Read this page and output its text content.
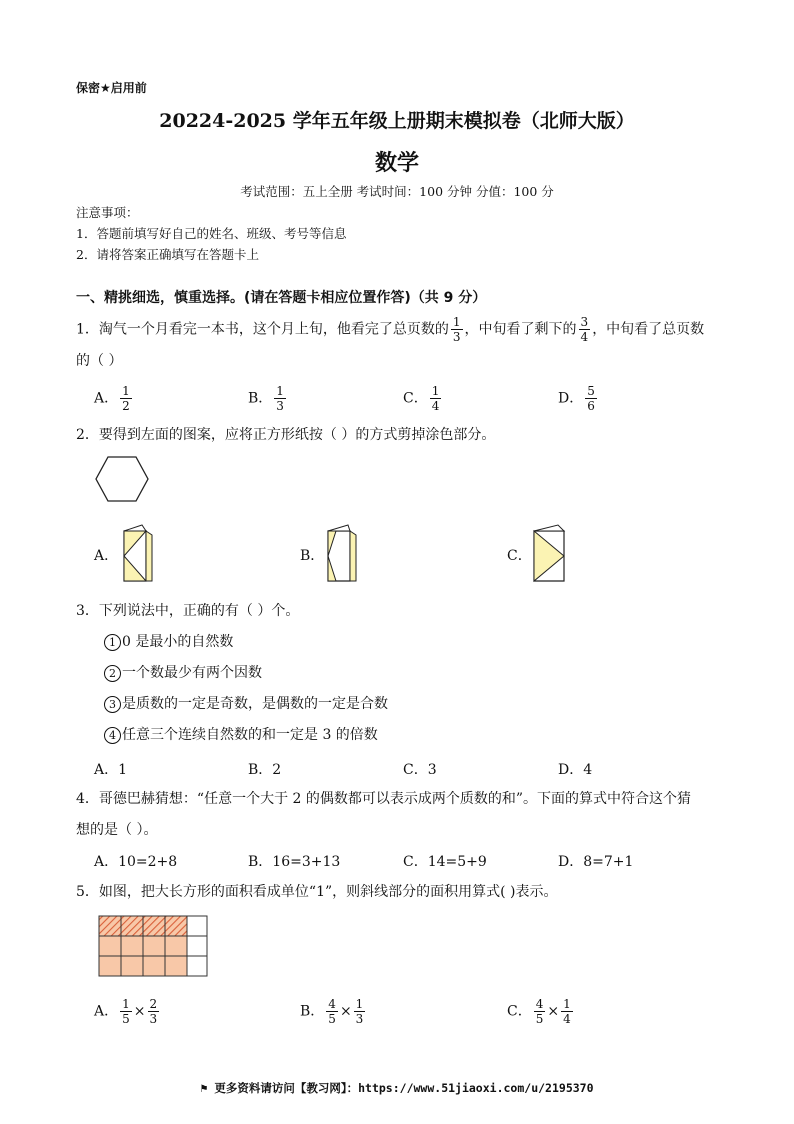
保密★启用前
20224-2025 学年五年级上册期末模拟卷（北师大版）
数学
考试范围：五上全册 考试时间：100 分钟 分值：100 分
注意事项：
1．答题前填写好自己的姓名、班级、考号等信息
2．请将答案正确填写在答题卡上
一、精挑细选，慎重选择。(请在答题卡相应位置作答)（共 9 分）
1．淘气一个月看完一本书，这个月上旬，他看完了总页数的 $\frac{1}{3}$ ，中旬看了剩下的 $\frac{3}{4}$ ，中旬看了总页数
的（ ）
A． $\frac{1}{2}$	B． $\frac{1}{3}$	C． $\frac{1}{4}$	D． $\frac{5}{6}$
2．要得到左面的图案，应将正方形纸按（ ）的方式剪掉涂色部分。
A．	B．	C．
3．下列说法中，正确的有（ ）个。
1 0 是最小的自然数
2 一个数最少有两个因数
3 是质数的一定是奇数，是偶数的一定是合数
4 任意三个连续自然数的和一定是 3 的倍数
A．1	B．2	C．3	D．4
4．哥德巴赫猜想：“任意一个大于 2 的偶数都可以表示成两个质数的和”。下面的算式中符合这个猜
想的是（ ）。
A．10=2+8	B．16=3+13	C．14=5+9	D．8=7+1
5．如图，把大长方形的面积看成单位“1”，则斜线部分的面积用算式( )表示。
A． $\frac{1}{5} \times \frac{2}{3}$	B． $\frac{4}{5} \times \frac{1}{3}$	C． $\frac{4}{5} \times \frac{1}{4}$
⚑ 更多资料请访问【教习网】：https://www.51jiaoxi.com/u/2195370
